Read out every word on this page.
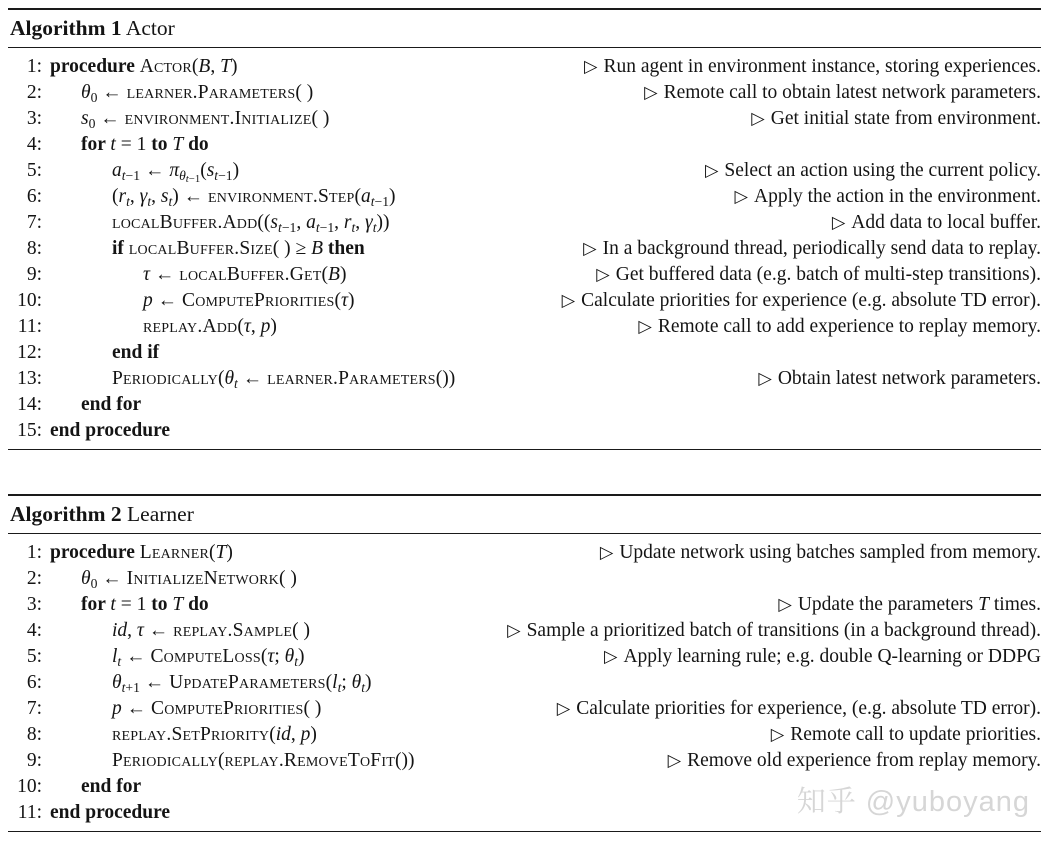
Algorithm 1 Actor
1: procedure Actor(B, T)	▷ Run agent in environment instance, storing experiences.
2:	$\theta_0$ ← learner.Parameters( )	▷ Remote call to obtain latest network parameters.
3:	$s_0$ ← environment.Initialize( )	▷ Get initial state from environment.
4:	for t = 1 to T do
5:	$a_{t-1}$ ← $\pi_{\theta t-1}(s_{t-1})$	▷ Select an action using the current policy.
6:	($r_t$, $\gamma_t$, $s_t$) ← $environment.Step(a_{t-1})$	▷ Apply the action in the environment.
7:	$localBuffer.Add((s_{t-1}$, $a_{t-1}$, $r_t$, $\gamma_t$))	▷ Add data to local buffer.
8:	if localBuffer.Size( ) ≥ B then	▷ In a background thread, periodically send data to replay.
9:	τ ← localBuffer.Get(B)	▷ Get buffered data (e.g. batch of multi-step transitions).
10:	p ← ComputePriorities(τ)	▷ Calculate priorities for experience (e.g. absolute TD error).
11:	replay.Add(τ, p)	▷ Remote call to add experience to replay memory.
12:	end if
13:	$Periodically(\theta_t$ ← learner.Parameters())	▷ Obtain latest network parameters.
14:	end for
15: end procedure
Algorithm 2 Learner
1: procedure Learner(T)	▷ Update network using batches sampled from memory.
2:	$\theta_0$ ← InitializeNetwork( )
3:	for t = 1 to T do	▷ Update the parameters T times.
4:	id, τ ← replay.Sample( )	▷ Sample a prioritized batch of transitions (in a background thread).
5:	$l_t$ ← ComputeLoss(τ; $\theta_t$)	▷ Apply learning rule; e.g. double Q-learning or DDPG
6:	$\theta_{t+1}$ ← $UpdateParameters(l_t$; $\theta_t$)
7:	p ← ComputePriorities( )	▷ Calculate priorities for experience, (e.g. absolute TD error).
8:	replay.SetPriority(id, p)	▷ Remote call to update priorities.
9:	Periodically(replay.RemoveToFit())	▷ Remove old experience from replay memory.
10:	end for
11: end procedure	知乎 @yuboyang
